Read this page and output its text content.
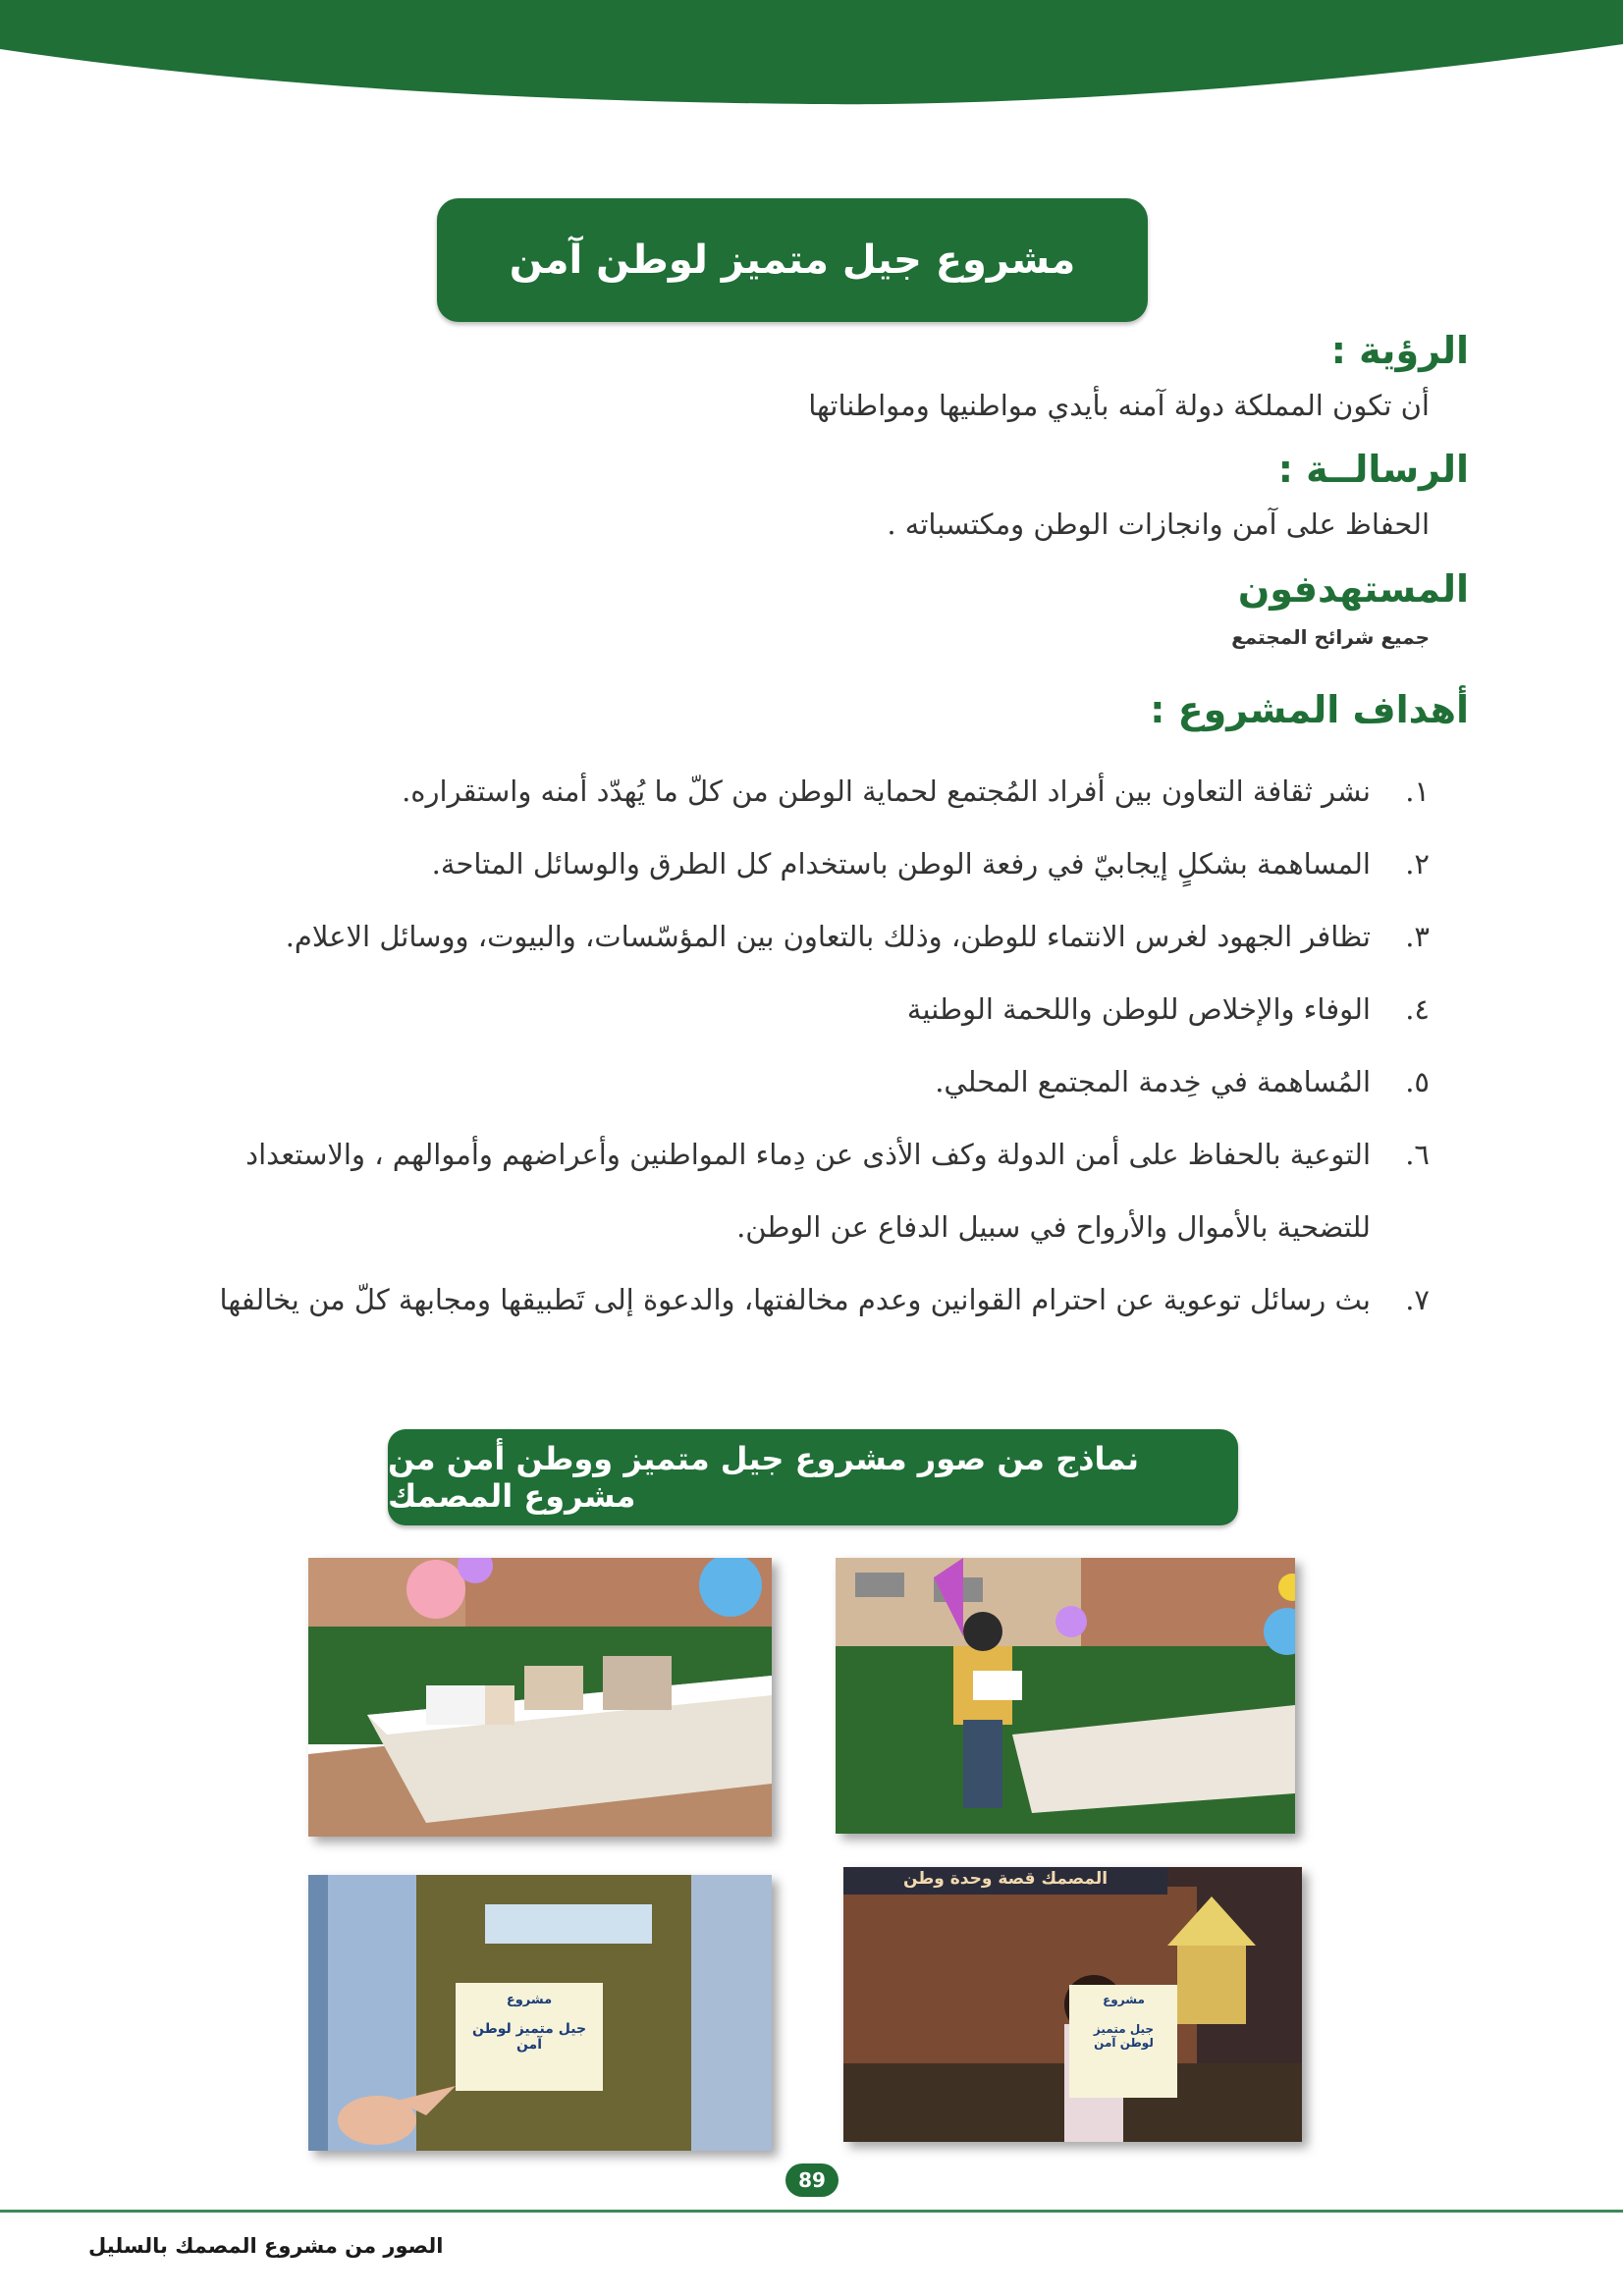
مشروع جيل متميز لوطن آمن
الرؤية :

أن تكون المملكة دولة آمنه بأيدي مواطنيها ومواطناتها

الرسالــة :

الحفاظ على آمن وانجازات الوطن ومكتسباته .

المستهدفون

جميع شرائح المجتمع

أهداف المشروع :
١.
نشر ثقافة التعاون بين أفراد المُجتمع لحماية الوطن من كلّ ما يُهدّد أمنه واستقراره.
٢.
المساهمة بشكلٍ إيجابيّ في رفعة الوطن باستخدام كل الطرق والوسائل المتاحة.
٣.
تظافر الجهود لغرس الانتماء للوطن، وذلك بالتعاون بين المؤسّسات، والبيوت، ووسائل الاعلام.
٤.
الوفاء والإخلاص للوطن واللحمة الوطنية
٥.
المُساهمة في خِدمة المجتمع المحلي.
٦.
التوعية بالحفاظ على أمن الدولة وكف الأذى عن دِماء المواطنين وأعراضهم وأموالهم ، والاستعداد للتضحية بالأموال والأرواح في سبيل الدفاع عن الوطن.
٧.
بث رسائل توعوية عن احترام القوانين وعدم مخالفتها، والدعوة إلى تَطبيقها ومجابهة كلّ من يخالفها
نماذج من صور مشروع جيل متميز ووطن أمن من مشروع المصمك
مشروع
جيل متميز لوطن آمن
المصمك قصة وحدة وطن
مشروع
جيل متميز لوطن آمن
89
الصور من مشروع المصمك بالسليل
